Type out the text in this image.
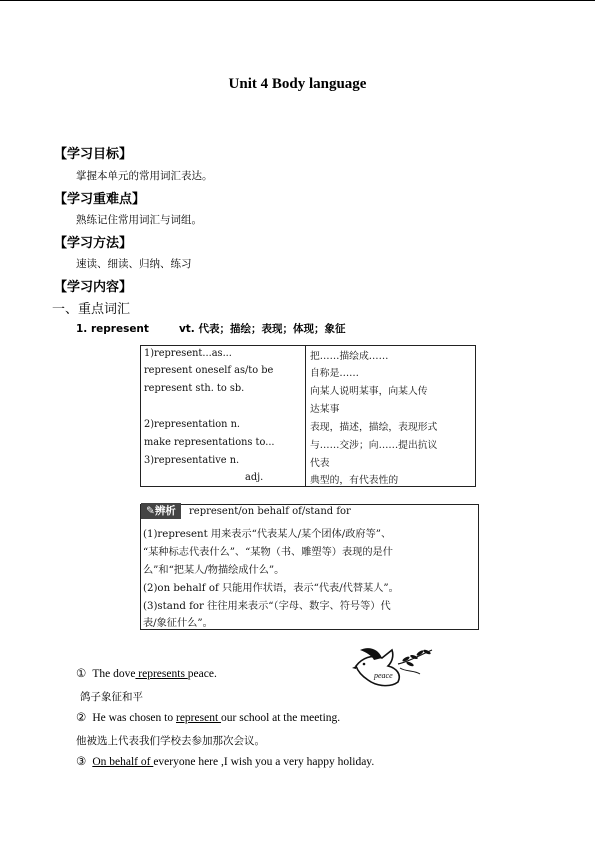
Unit 4 Body language
【学习目标】
掌握本单元的常用词汇表达。
【学习重难点】
熟练记住常用词汇与词组。
【学习方法】
速读、细读、归纳、练习
【学习内容】
一、重点词汇
1. represent	vt. 代表；描绘；表现；体现；象征
1)represent...as...	把……描绘成……
represent oneself as/to be	自称是……
represent sth. to sb.	向某人说明某事，向某人传
达某事
2)representation n.	表现，描述，描绘，表现形式
make representations to...	与……交涉；向……提出抗议
3)representative n.	代表
adj.	典型的，有代表性的
✎辨析	represent/on behalf of/stand for
(1)represent 用来表示“代表某人/某个团体/政府等”、
“某种标志代表什么”、“某物（书、雕塑等）表现的是什
么”和“把某人/物描绘成什么”。
(2)on behalf of 只能用作状语，表示“代表/代替某人”。
(3)stand for 往往用来表示“（字母、数字、符号等）代
表/象征什么”。
① The dove represents peace.
鸽子象征和平
② He was chosen to represent our school at the meeting.
他被选上代表我们学校去参加那次会议。
③ On behalf of everyone here ,I wish you a very happy holiday.
peace
